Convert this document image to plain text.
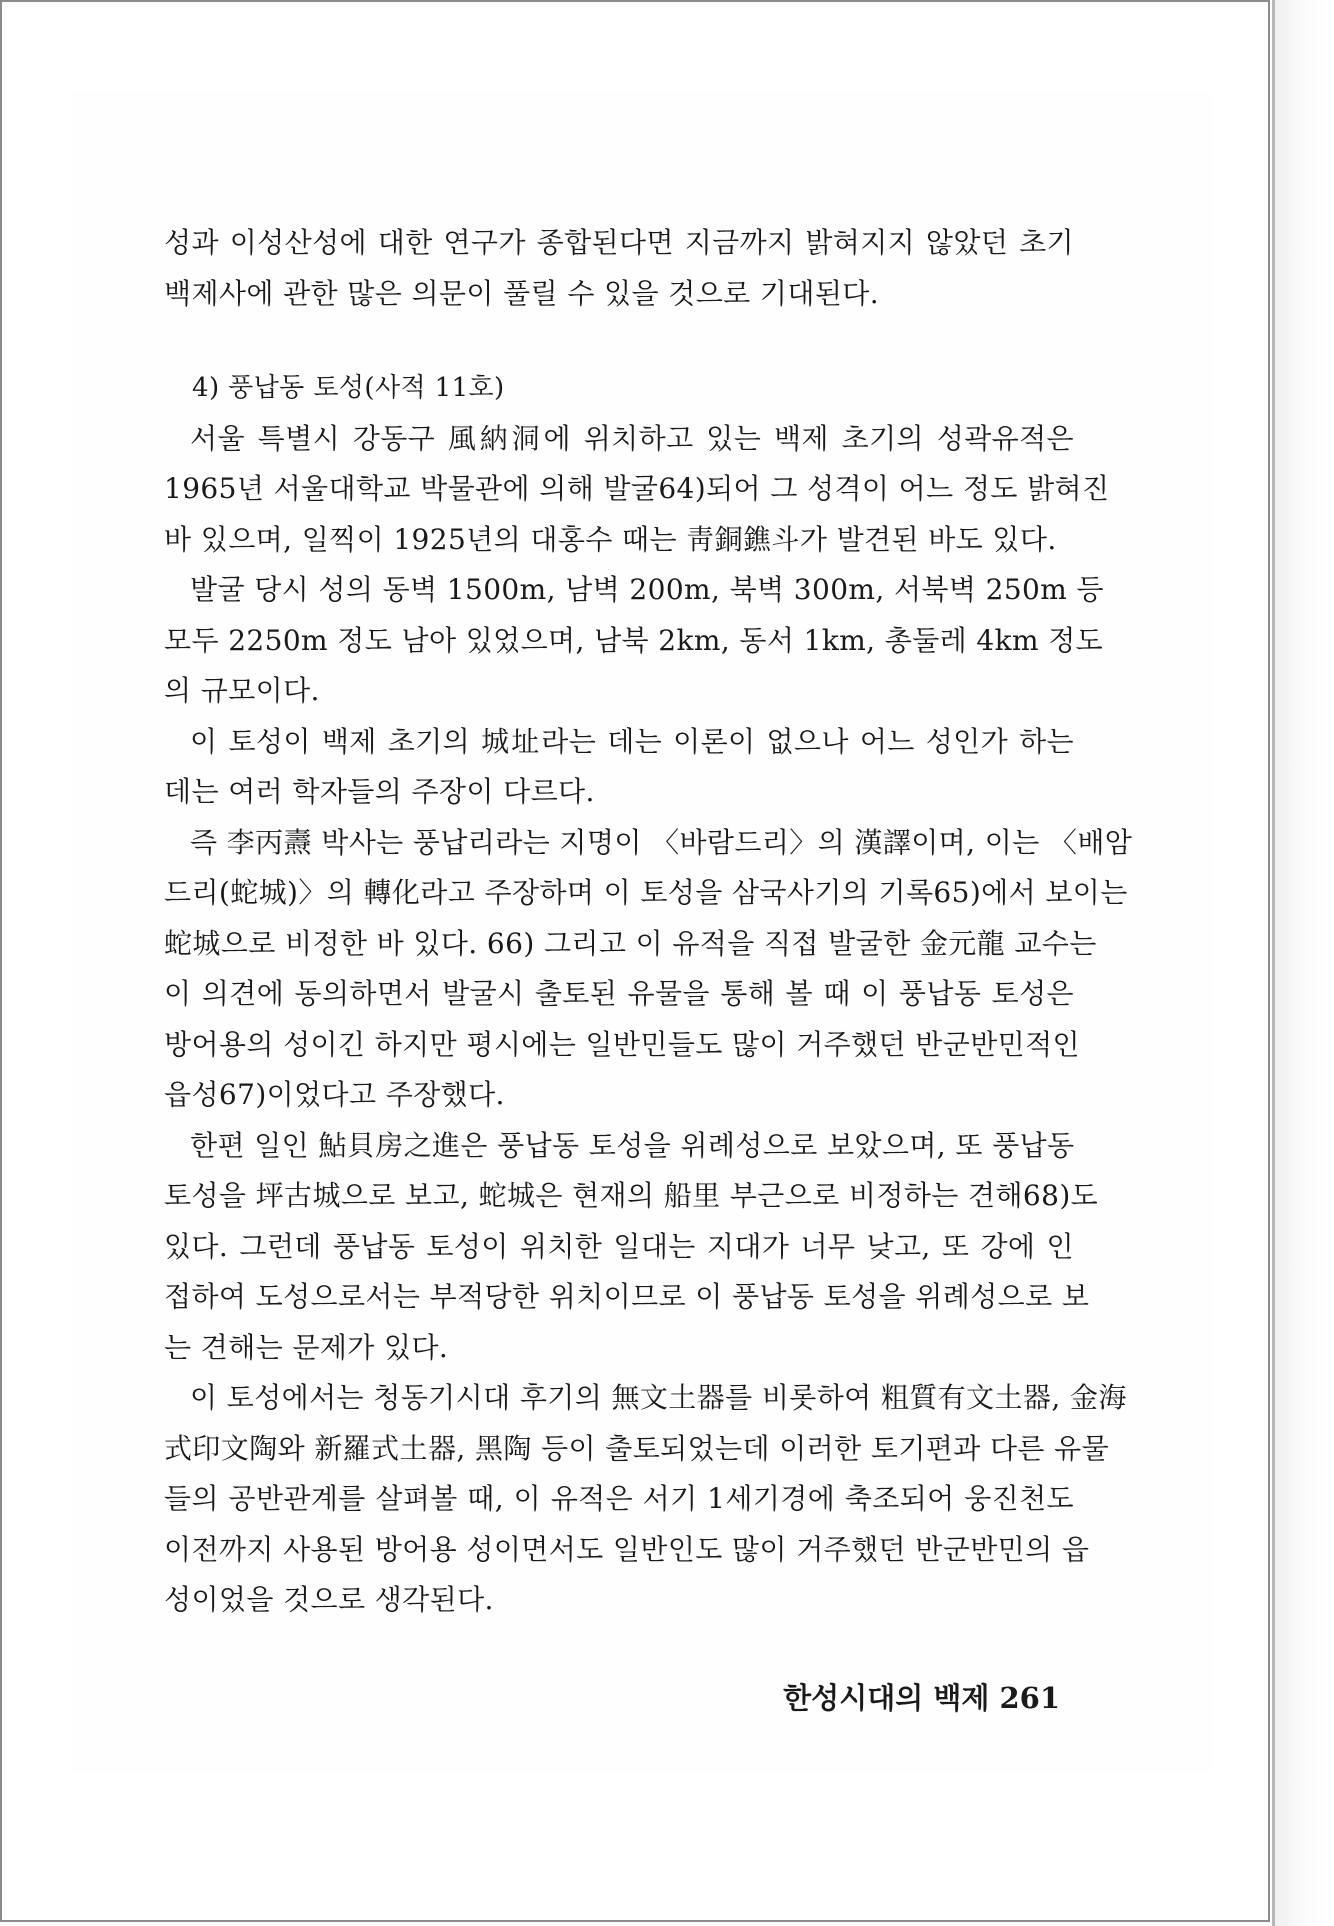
성과 이성산성에 대한 연구가 종합된다면 지금까지 밝혀지지 않았던 초기
백제사에 관한 많은 의문이 풀릴 수 있을 것으로 기대된다.
4) 풍납동 토성(사적 11호)
서울 특별시 강동구 風納洞에 위치하고 있는 백제 초기의 성곽유적은
1965년 서울대학교 박물관에 의해 발굴64)되어 그 성격이 어느 정도 밝혀진
바 있으며, 일찍이 1925년의 대홍수 때는 靑銅鐎斗가 발견된 바도 있다.
발굴 당시 성의 동벽 1500m, 남벽 200m, 북벽 300m, 서북벽 250m 등
모두 2250m 정도 남아 있었으며, 남북 2km, 동서 1km, 총둘레 4km 정도
의 규모이다.
이 토성이 백제 초기의 城址라는 데는 이론이 없으나 어느 성인가 하는
데는 여러 학자들의 주장이 다르다.
즉 李丙燾 박사는 풍납리라는 지명이 〈바람드리〉의 漢譯이며, 이는 〈배암
드리(蛇城)〉의 轉化라고 주장하며 이 토성을 삼국사기의 기록65)에서 보이는
蛇城으로 비정한 바 있다. 66) 그리고 이 유적을 직접 발굴한 金元龍 교수는
이 의견에 동의하면서 발굴시 출토된 유물을 통해 볼 때 이 풍납동 토성은
방어용의 성이긴 하지만 평시에는 일반민들도 많이 거주했던 반군반민적인
읍성67)이었다고 주장했다.
한편 일인 鮎貝房之進은 풍납동 토성을 위례성으로 보았으며, 또 풍납동
토성을 坪古城으로 보고, 蛇城은 현재의 船里 부근으로 비정하는 견해68)도
있다. 그런데 풍납동 토성이 위치한 일대는 지대가 너무 낮고, 또 강에 인
접하여 도성으로서는 부적당한 위치이므로 이 풍납동 토성을 위례성으로 보
는 견해는 문제가 있다.
이 토성에서는 청동기시대 후기의 無文土器를 비롯하여 粗質有文土器, 金海
式印文陶와 新羅式土器, 黑陶 등이 출토되었는데 이러한 토기편과 다른 유물
들의 공반관계를 살펴볼 때, 이 유적은 서기 1세기경에 축조되어 웅진천도
이전까지 사용된 방어용 성이면서도 일반인도 많이 거주했던 반군반민의 읍
성이었을 것으로 생각된다.
한성시대의 백제 261
